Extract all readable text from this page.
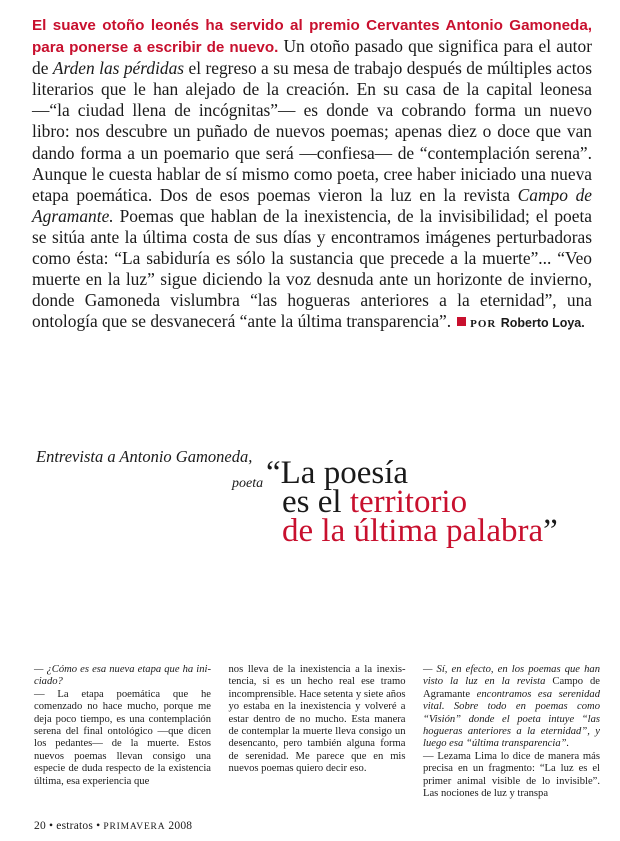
El suave otoño leonés ha servido al premio Cervantes Antonio Gamoneda, para ponerse a escribir de nuevo. Un otoño pasado que significa para el autor de Arden las pérdidas el regreso a su mesa de trabajo después de múltiples actos literarios que le han alejado de la creación. En su casa de la capital leonesa —“la ciudad llena de incógnitas”— es donde va cobrando forma un nuevo libro: nos descubre un puñado de nuevos poemas; apenas diez o doce que van dando forma a un poemario que será —confiesa— de “contemplación serena”. Aunque le cuesta hablar de sí mismo como poeta, cree haber iniciado una nueva etapa poemática. Dos de esos poemas vieron la luz en la revista Campo de Agramante. Poemas que hablan de la inexistencia, de la invisibilidad; el poeta se sitúa ante la última costa de sus días y encontramos imágenes perturbadoras como ésta: “La sabiduría es sólo la sustancia que precede a la muerte”... “Veo muerte en la luz” sigue diciendo la voz desnuda ante un horizonte de invierno, donde Gamoneda vislumbra “las hogueras anteriores a la eternidad”, una ontología que se desvanecerá “ante la última transparencia”. POR Roberto Loya.
Entrevista a Antonio Gamoneda,
poeta “La poesía
es el territorio
de la última palabra”

— ¿Cómo es esa nueva etapa que ha iniciado?

— La etapa poemática que he comenzado no hace mucho, porque me deja poco tiempo, es una contemplación serena del final ontológico —que dicen los pedantes— de la muerte. Estos nuevos poemas llevan consigo una especie de duda respecto de la existencia última, esa experiencia que

nos lleva de la inexistencia a la inexistencia, si es un hecho real ese tramo incomprensible. Hace setenta y siete años yo estaba en la inexistencia y volveré a estar dentro de no mucho. Esta manera de contemplar la muerte lleva consigo un desencanto, pero también alguna forma de serenidad. Me parece que en mis nuevos poemas quiero decir eso.

— Sí, en efecto, en los poemas que han visto la luz en la revista Campo de Agramante encontramos esa serenidad vital. Sobre todo en poemas como “Visión” donde el poeta intuye “las hogueras anteriores a la eternidad”, y luego esa “última transparencia”.

— Lezama Lima lo dice de manera más precisa en un fragmento: “La luz es el primer animal visible de lo invisible”. Las nociones de luz y transpa

20 • estratos • PRIMAVERA 2008
